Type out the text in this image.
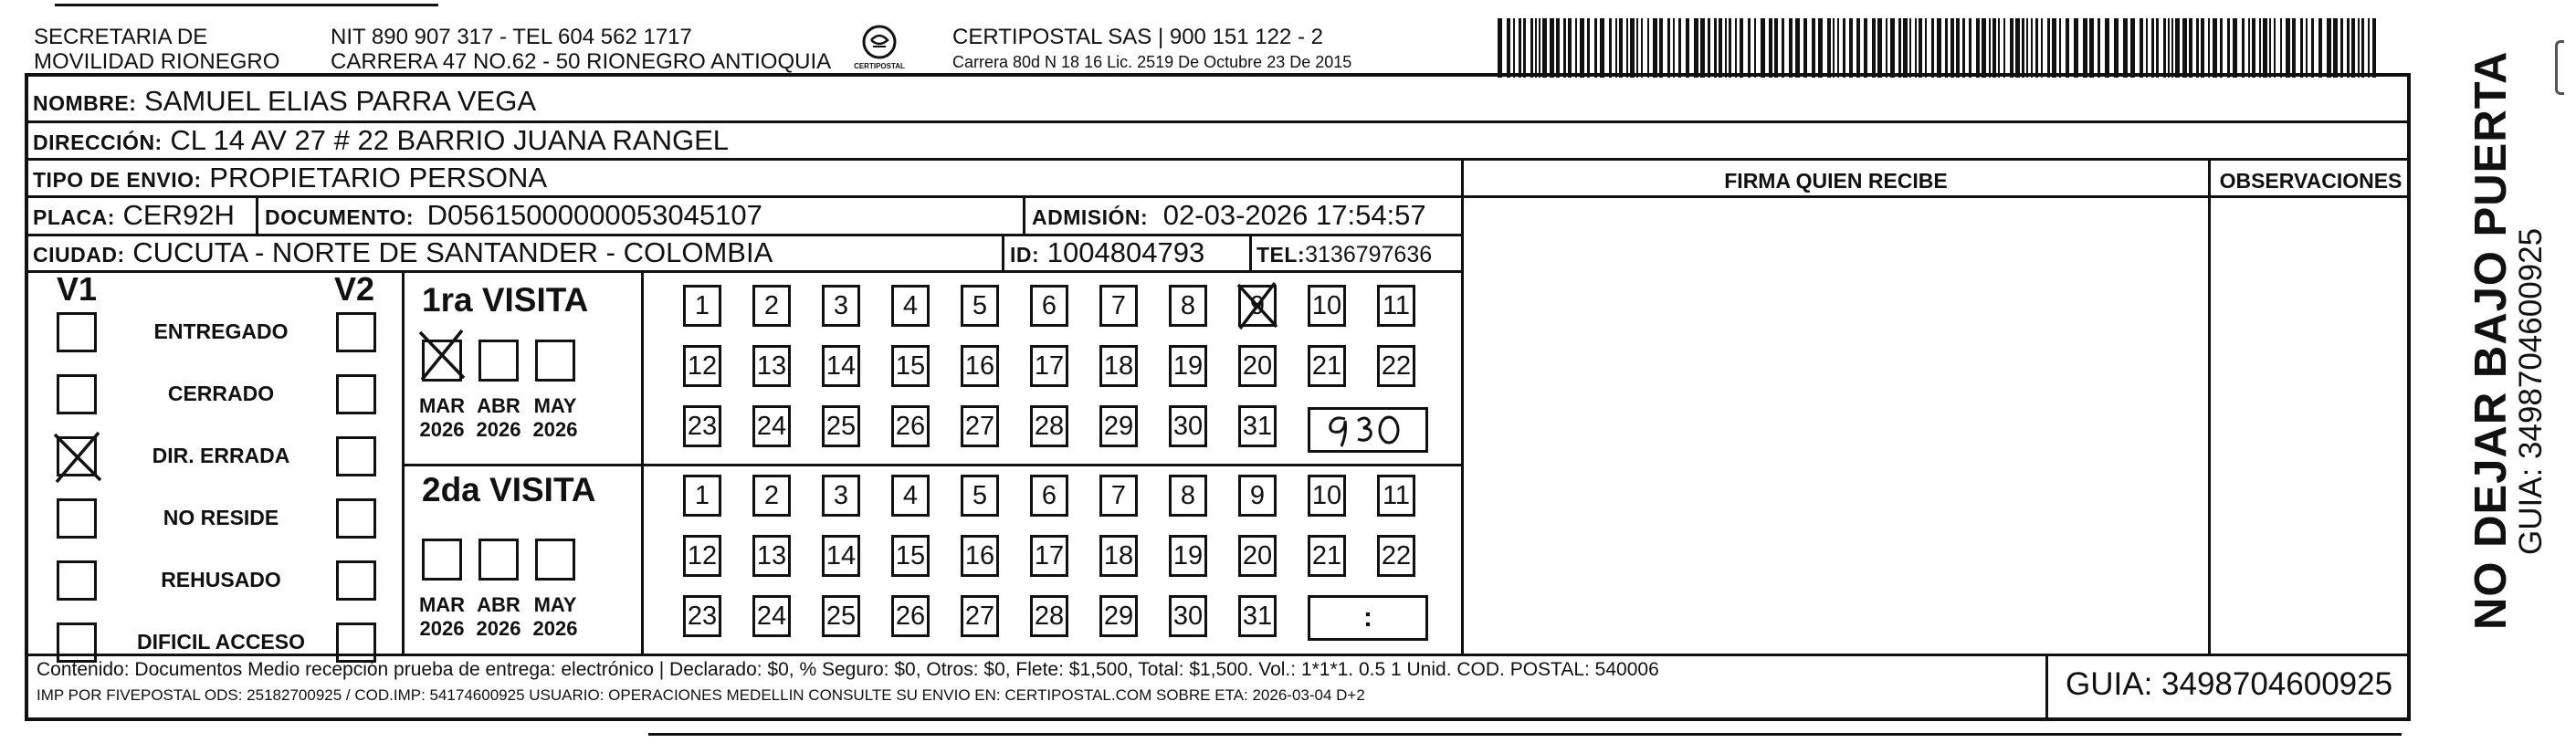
SECRETARIA DE
MOVILIDAD RIONEGRO
NIT 890 907 317 - TEL 604 562 1717
CARRERA 47 NO.62 - 50 RIONEGRO ANTIOQUIA	CERTIPOSTAL
CERTIPOSTAL SAS | 900 151 122 - 2
Carrera 80d N 18 16 Lic. 2519 De Octubre 23 De 2015
NOMBRE: SAMUEL ELIAS PARRA VEGA
DIRECCIÓN: CL 14 AV 27 # 22 BARRIO JUANA RANGEL
TIPO DE ENVIO: PROPIETARIO PERSONA	FIRMA QUIEN RECIBE	OBSERVACIONES
PLACA: CER92H DOCUMENTO: D05615000000053045107	ADMISIÓN: 02-03-2026 17:54:57
CIUDAD: CUCUTA - NORTE DE SANTANDER - COLOMBIA	ID: 1004804793 TEL:3136797636
V1	V2
ENTREGADO
CERRADO
DIR. ERRADA
NO RESIDE
REHUSADO
DIFICIL ACCESO
1ra VISITA
2da VISITA
MAR
2026
ABR
2026
MAY
2026
MAR
2026
ABR
2026
MAY
2026
1	2	3	4	5	6	7	8	9	10 11
12 13 14 15 16 17 18 19 20 21 22
23 24 25 26 27 28 29 30 31
1	2	3	4	5	6	7	8	9	10 11
12 13 14 15 16 17 18 19 20 21 22
23 24 25 26 27 28 29 30 31	:
Contenido: Documentos Medio recepción prueba de entrega: electrónico | Declarado: $0, % Seguro: $0, Otros: $0, Flete: $1,500, Total: $1,500. Vol.: 1*1*1. 0.5 1 Unid. COD. POSTAL: 540006
IMP POR FIVEPOSTAL ODS: 25182700925 / COD.IMP: 54174600925 USUARIO: OPERACIONES MEDELLIN CONSULTE SU ENVIO EN: CERTIPOSTAL.COM SOBRE ETA: 2026-03-04 D+2	GUIA: 3498704600925
NO DEJAR BAJO PUERTA
GUIA: 3498704600925
